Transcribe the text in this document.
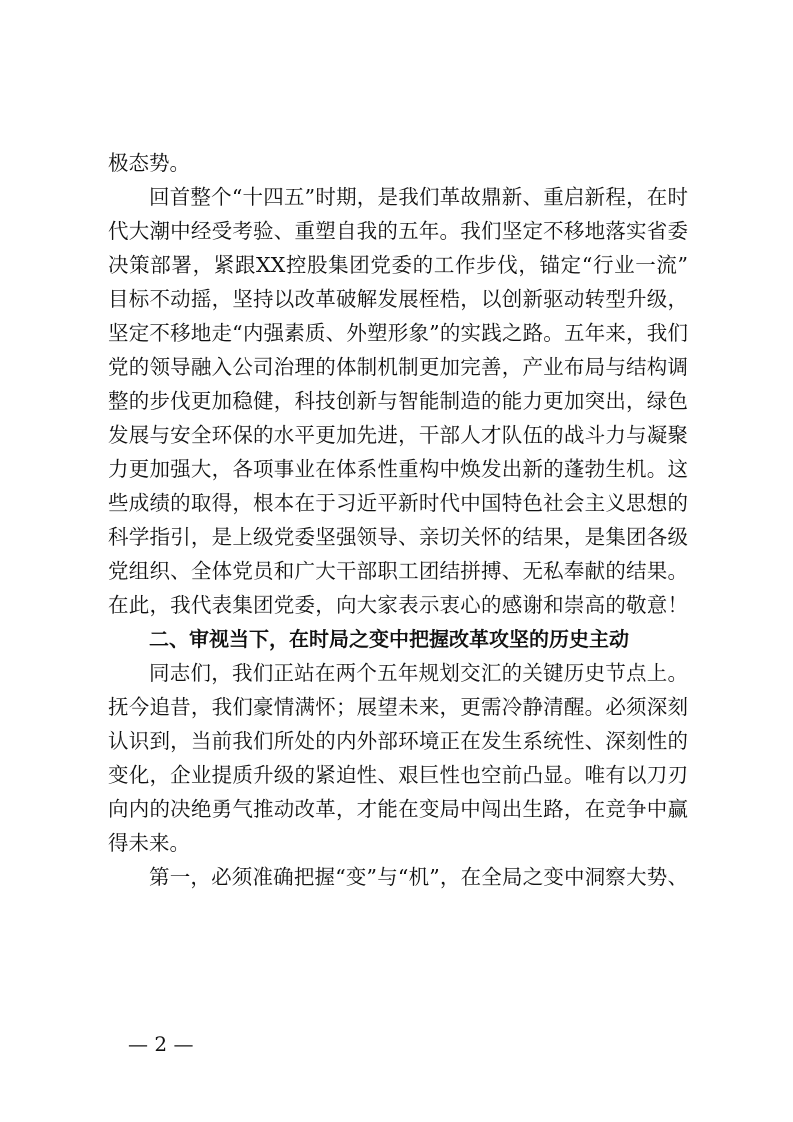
极态势。
回首整个“十四五”时期，是我们革故鼎新、重启新程，在时
代大潮中经受考验、重塑自我的五年。我们坚定不移地落实省委
决策部署，紧跟XX控股集团党委的工作步伐，锚定“行业一流”
目标不动摇，坚持以改革破解发展桎梏，以创新驱动转型升级，
坚定不移地走“内强素质、外塑形象”的实践之路。五年来，我们
党的领导融入公司治理的体制机制更加完善，产业布局与结构调
整的步伐更加稳健，科技创新与智能制造的能力更加突出，绿色
发展与安全环保的水平更加先进，干部人才队伍的战斗力与凝聚
力更加强大，各项事业在体系性重构中焕发出新的蓬勃生机。这
些成绩的取得，根本在于习近平新时代中国特色社会主义思想的
科学指引，是上级党委坚强领导、亲切关怀的结果，是集团各级
党组织、全体党员和广大干部职工团结拼搏、无私奉献的结果。
在此，我代表集团党委，向大家表示衷心的感谢和崇高的敬意！
二、审视当下，在时局之变中把握改革攻坚的历史主动
同志们，我们正站在两个五年规划交汇的关键历史节点上。
抚今追昔，我们豪情满怀；展望未来，更需冷静清醒。必须深刻
认识到，当前我们所处的内外部环境正在发生系统性、深刻性的
变化，企业提质升级的紧迫性、艰巨性也空前凸显。唯有以刀刃
向内的决绝勇气推动改革，才能在变局中闯出生路，在竞争中赢
得未来。
第一，必须准确把握“变”与“机”，在全局之变中洞察大势、
— 2 —
